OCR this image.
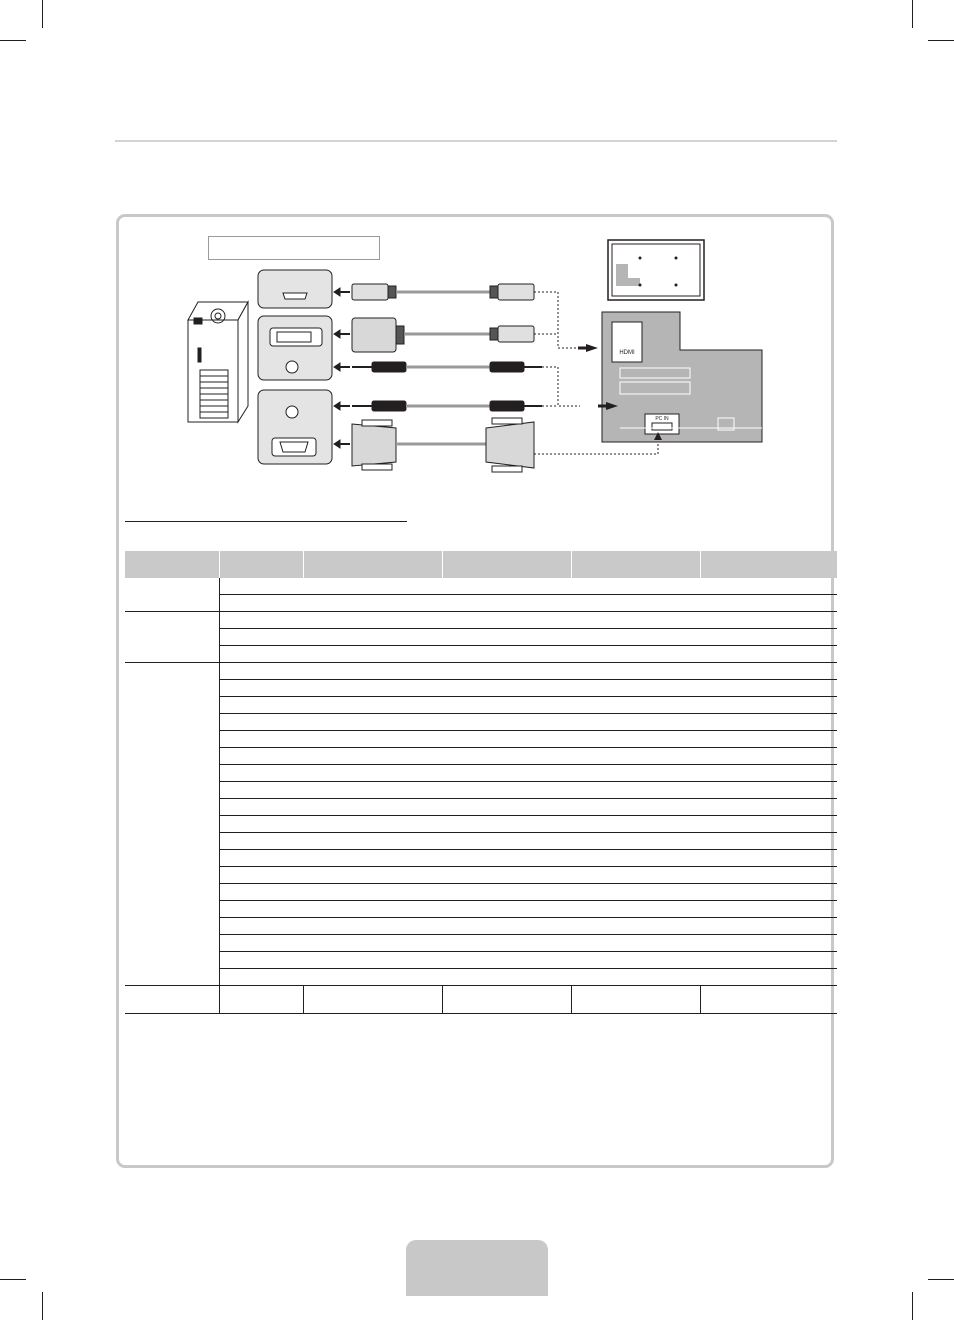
HDMI
PC IN
